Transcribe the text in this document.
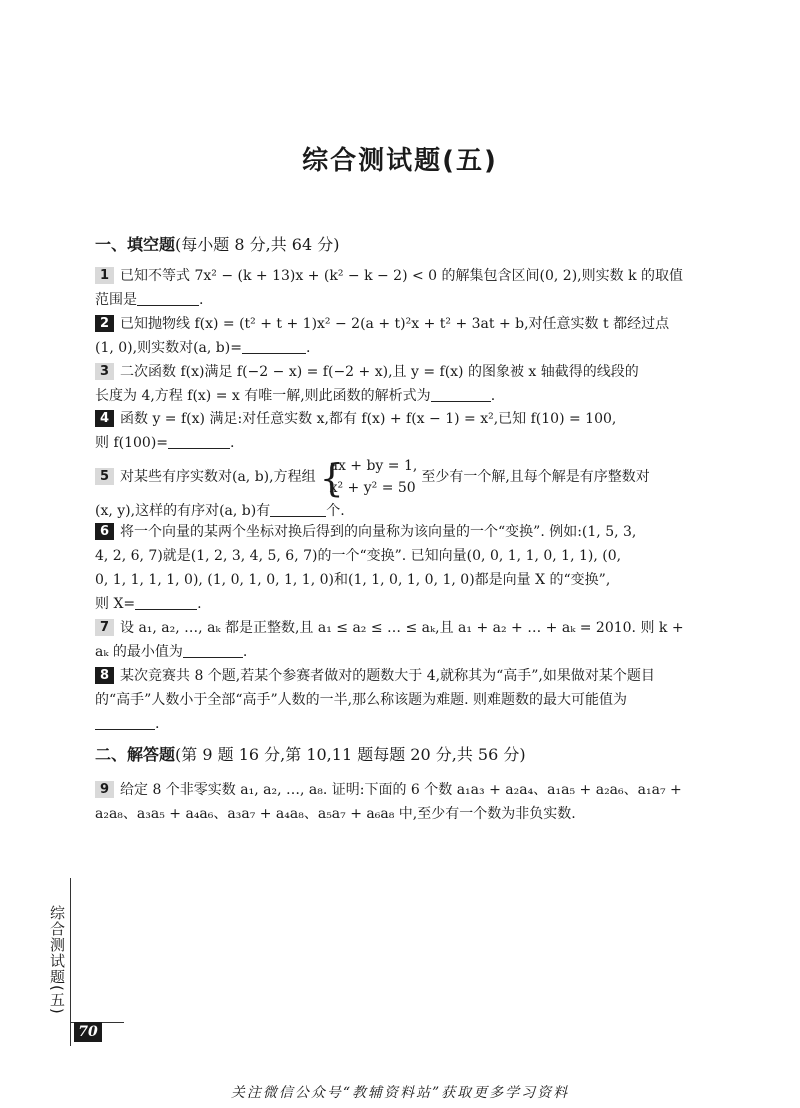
综合测试题(五)
一、填空题(每小题 8 分,共 64 分)
1 已知不等式 7x² − (k + 13)x + (k² − k − 2) < 0 的解集包含区间(0, 2),则实数 k 的取值
范围是	.
2 已知抛物线 f(x) = (t² + t + 1)x² − 2(a + t)²x + t² + 3at + b,对任意实数 t 都经过点
(1, 0),则实数对(a, b)=	.
3 二次函数 f(x)满足 f(−2 − x) = f(−2 + x),且 y = f(x) 的图象被 x 轴截得的线段的
长度为 4,方程 f(x) = x 有唯一解,则此函数的解析式为	.
4 函数 y = f(x) 满足:对任意实数 x,都有 f(x) + f(x − 1) = x²,已知 f(10) = 100,
则 f(100)=	.
5 对某些有序实数对(a, b),方程组 {
ax + by = 1,
x² + y² = 50
至少有一个解,且每个解是有序整数对
(x, y),这样的有序对(a, b)有	个.
6 将一个向量的某两个坐标对换后得到的向量称为该向量的一个“变换”. 例如:(1, 5, 3,
4, 2, 6, 7)就是(1, 2, 3, 4, 5, 6, 7)的一个“变换”. 已知向量(0, 0, 1, 1, 0, 1, 1), (0,
0, 1, 1, 1, 1, 0), (1, 0, 1, 0, 1, 1, 0)和(1, 1, 0, 1, 0, 1, 0)都是向量 X 的“变换”,
则 X=	.
7 设 a₁, a₂, …, aₖ 都是正整数,且 a₁ ≤ a₂ ≤ … ≤ aₖ,且 a₁ + a₂ + … + aₖ = 2010. 则 k +
aₖ 的最小值为	.
8 某次竞赛共 8 个题,若某个参赛者做对的题数大于 4,就称其为“高手”,如果做对某个题目
的“高手”人数小于全部“高手”人数的一半,那么称该题为难题. 则难题数的最大可能值为
.
二、解答题(第 9 题 16 分,第 10,11 题每题 20 分,共 56 分)
9 给定 8 个非零实数 a₁, a₂, …, a₈. 证明:下面的 6 个数 a₁a₃ + a₂a₄、a₁a₅ + a₂a₆、a₁a₇ +
a₂a₈、a₃a₅ + a₄a₆、a₃a₇ + a₄a₈、a₅a₇ + a₆a₈ 中,至少有一个数为非负实数.
综合测试题(五)
70
关注微信公众号“教辅资料站”获取更多学习资料
